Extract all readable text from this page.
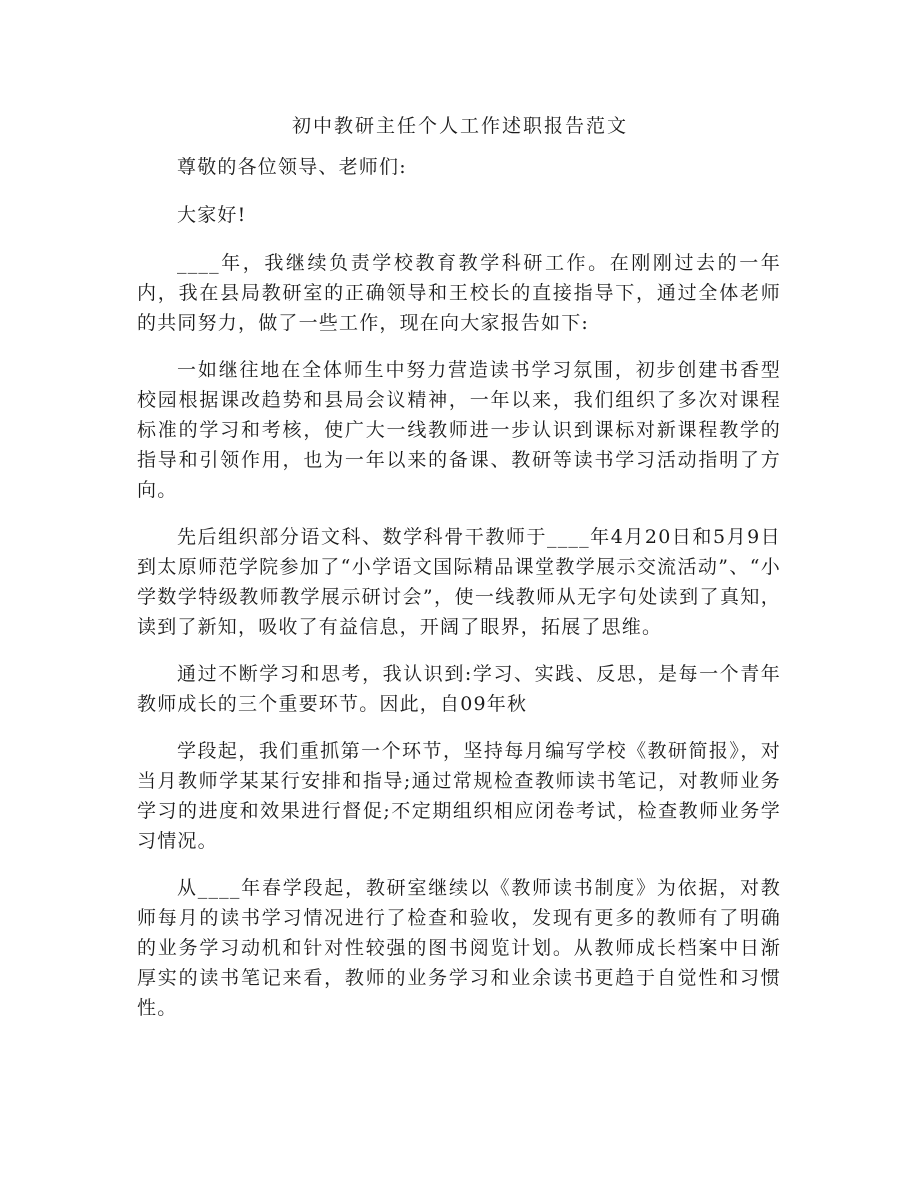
初中教研主任个人工作述职报告范文

尊敬的各位领导、老师们:

大家好!

____年，我继续负责学校教育教学科研工作。在刚刚过去的一年内，我在县局教研室的正确领导和王校长的直接指导下，通过全体老师的共同努力，做了一些工作，现在向大家报告如下:

一如继往地在全体师生中努力营造读书学习氛围，初步创建书香型校园根据课改趋势和县局会议精神，一年以来，我们组织了多次对课程标准的学习和考核，使广大一线教师进一步认识到课标对新课程教学的指导和引领作用，也为一年以来的备课、教研等读书学习活动指明了方向。

先后组织部分语文科、数学科骨干教师于____年4月20日和5月9日到太原师范学院参加了“小学语文国际精品课堂教学展示交流活动”、“小学数学特级教师教学展示研讨会”，使一线教师从无字句处读到了真知，读到了新知，吸收了有益信息，开阔了眼界，拓展了思维。

通过不断学习和思考，我认识到:学习、实践、反思，是每一个青年教师成长的三个重要环节。因此，自09年秋

学段起，我们重抓第一个环节，坚持每月编写学校《教研简报》，对当月教师学某某行安排和指导;通过常规检查教师读书笔记，对教师业务学习的进度和效果进行督促;不定期组织相应闭卷考试，检查教师业务学习情况。

从____年春学段起，教研室继续以《教师读书制度》为依据，对教师每月的读书学习情况进行了检查和验收，发现有更多的教师有了明确的业务学习动机和针对性较强的图书阅览计划。从教师成长档案中日渐厚实的读书笔记来看，教师的业务学习和业余读书更趋于自觉性和习惯性。
